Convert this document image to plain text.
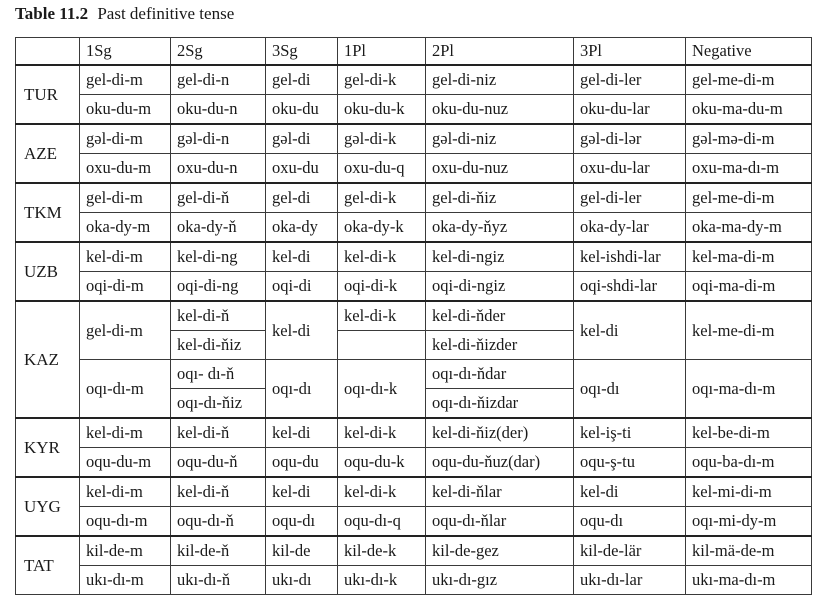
Table 11.2 Past definitive tense
	1Sg	2Sg	3Sg	1Pl	2Pl	3Pl	Negative
TUR	gel-di-m	gel-di-n	gel-di	gel-di-k	gel-di-niz	gel-di-ler	gel-me-di-m
	oku-du-m	oku-du-n	oku-du	oku-du-k	oku-du-nuz	oku-du-lar	oku-ma-du-m
AZE	gəl-di-m	gəl-di-n	gəl-di	gəl-di-k	gəl-di-niz	gəl-di-lər	gəl-mə-di-m
	oxu-du-m	oxu-du-n	oxu-du	oxu-du-q	oxu-du-nuz	oxu-du-lar	oxu-ma-dı-m
TKM	gel-di-m	gel-di-ň	gel-di	gel-di-k	gel-di-ňiz	gel-di-ler	gel-me-di-m
	oka-dy-m	oka-dy-ň	oka-dy	oka-dy-k	oka-dy-ňyz	oka-dy-lar	oka-ma-dy-m
UZB	kel-di-m	kel-di-ng	kel-di	kel-di-k	kel-di-ngiz	kel-ishdi-lar	kel-ma-di-m
	oqi-di-m	oqi-di-ng	oqi-di	oqi-di-k	oqi-di-ngiz	oqi-shdi-lar	oqi-ma-di-m
KAZ	gel-di-m	kel-di-ň	kel-di	kel-di-k	kel-di-ňder	kel-di	kel-me-di-m
		kel-di-ňiz			kel-di-ňizder		
	oqı-dı-m	oqı- dı-ň	oqı-dı	oqı-dı-k	oqı-dı-ňdar	oqı-dı	oqı-ma-dı-m
		oqı-dı-ňiz			oqı-dı-ňizdar		
KYR	kel-di-m	kel-di-ň	kel-di	kel-di-k	kel-di-ňiz(der)	kel-iş-ti	kel-be-di-m
	oqu-du-m	oqu-du-ň	oqu-du	oqu-du-k	oqu-du-ňuz(dar)	oqu-ş-tu	oqu-ba-dı-m
UYG	kel-di-m	kel-di-ň	kel-di	kel-di-k	kel-di-ňlar	kel-di	kel-mi-di-m
	oqu-dı-m	oqu-dı-ň	oqu-dı	oqu-dı-q	oqu-dı-ňlar	oqu-dı	oqı-mi-dy-m
TAT	kil-de-m	kil-de-ň	kil-de	kil-de-k	kil-de-gez	kil-de-lär	kil-mä-de-m
	ukı-dı-m	ukı-dı-ň	ukı-dı	ukı-dı-k	ukı-dı-gız	ukı-dı-lar	ukı-ma-dı-m
